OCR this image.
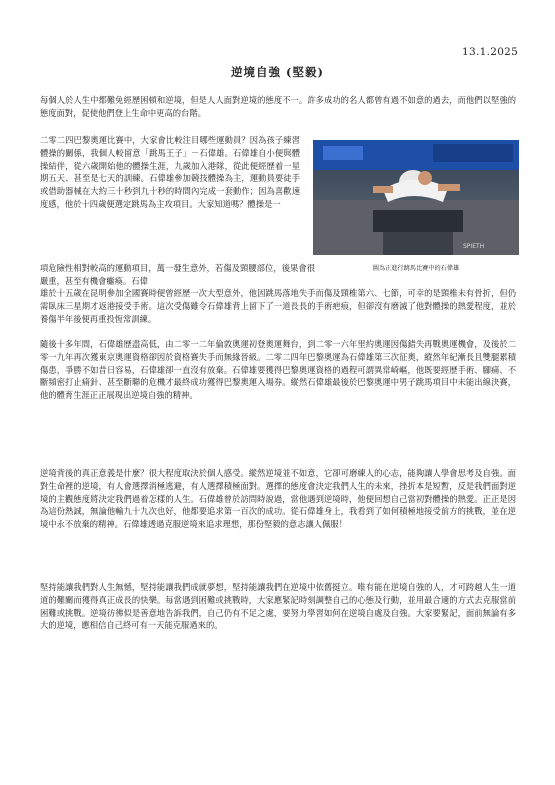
13.1.2025
逆境自強 (堅毅)

每個人於人生中都難免經歷困頓和逆境，但是人人面對逆境的態度不一。許多成功的名人都曾有過不如意的過去，而他們以堅強的態度面對，促使他們登上生命中更高的台階。

二零二四巴黎奧運比賽中，大家會比較注目哪些運動員？因為孩子練習體操的關係，我個人較留意「跳馬王子」－石偉雄。石偉雄自小便與體操結伴，從六歲開始他的體操生涯，九歲加入港隊，從此便經歷着一星期五天、甚至是七天的訓練。石偉雄參加競技體操為主，運動員要徒手或借助器械在大約三十秒到九十秒的時間內完成一套動作；因為喜歡速度感，他於十四歲便選定跳馬為主攻項目。大家知道嗎？體操是一

SPIETH
圖為正進行跳馬比賽中的石偉雄

項危險性相對較高的運動項目，萬一發生意外，若傷及頸腰部位，後果會很嚴重，甚至有機會癱瘓。石偉

雄於十五歲在昆明參加全國賽時便曾經歷一次大型意外，他因跳馬落地失手而傷及頸椎第六、七節，可幸的是頸椎未有骨折，但仍需臥床三星期才返港接受手術。這次受傷雖令石偉雄背上留下了一道長長的手術疤痕，但卻沒有磨滅了他對體操的熱愛程度，並於養傷半年後便再重投恆常訓練。

隨後十多年間，石偉雄歷盡高低，由二零一二年倫敦奧運初登奧運舞台，到二零一六年里約奧運因傷錯失再戰奧運機會，及後於二零一九年再次獲東京奧運資格卻因於資格賽失手而無緣晉級。二零二四年巴黎奧運為石偉雄第三次征奧，縱然年紀漸長且雙腿累積傷患，爭勝不如昔日容易，石偉雄卻一直沒有放棄。石偉雄要獲得巴黎奧運資格的過程可謂異常崎嶇，他既要經歷手術、腳痛、不斷頻密打止痛針、甚至斷聯的危機才最終成功獲得巴黎奧運入場券。縱然石偉雄最後於巴黎奧運中男子跳馬項目中未能出線決賽，他的體育生涯正正展現出逆境自強的精神。

逆境背後的真正意義是什麼？很大程度取決於個人感受。縱然逆境並不如意，它卻可磨練人的心志，能夠讓人學會思考及自強。面對生命裡的逆境，有人會選擇消極逃避，有人選擇積極面對。選擇的態度會決定我們人生的未來，挫折本是短暫，反是我們面對逆境的主觀態度將決定我們過着怎樣的人生。石偉雄曾於訪問時說過，當他遇到逆境時，他便回想自己當初對體操的熱愛。正正是因為這份熱誠，無論他輸九十九次也好，他都要追求第一百次的成功。從石偉雄身上，我看到了如何積極地接受前方的挑戰，並在逆境中永不放棄的精神。石偉雄透過克服逆境來追求理想，那份堅毅的意志讓人佩服！

堅持能讓我們對人生無憾，堅持能讓我們成就夢想，堅持能讓我們在逆境中依舊挺立。唯有能在逆境自強的人，才可跨越人生一道道的難關而獲得真正成長的快樂。每當遇到困難或挑戰時，大家應緊記時刻調整自己的心態及行動，並用最合適的方式去克服當前困難或挑戰。逆境彷彿似是善意地告訴我們，自己仍有不足之處，要努力學習如何在逆境自處及自強。大家要緊記，面前無論有多大的逆境，應相信自己終可有一天能克服過來的。
